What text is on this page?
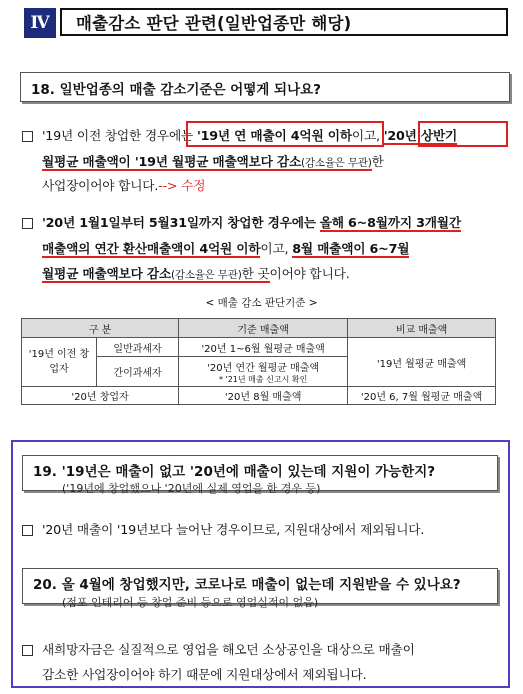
Ⅳ	매출감소 판단 관련(일반업종만 해당)
18. 일반업종의 매출 감소기준은 어떻게 되나요?
'19년 이전 창업한 경우에는 '19년 연 매출이 4억원 이하이고, '20년 상반기
월평균 매출액이 '19년 월평균 매출액보다 감소(감소율은 무관)한
사업장이어야 합니다.--> 수정
'20년 1월1일부터 5월31일까지 창업한 경우에는 올해 6~8월까지 3개월간
매출액의 연간 환산매출액이 4억원 이하이고, 8월 매출액이 6~7월
월평균 매출액보다 감소(감소율은 무관)한 곳이어야 합니다.
< 매출 감소 판단기준 >
구 분		기준 매출액	비교 매출액
'19년 이전 창업자	일반과세자	'20년 1~6월 월평균 매출액	'19년 월평균 매출액
	간이과세자	'20년 연간 월평균 매출액
* '21년 매출 신고시 확인	

'20년 창업자		'20년 8월 매출액	'20년 6, 7월 월평균 매출액
19. '19년은 매출이 없고 '20년에 매출이 있는데 지원이 가능한지?
('19년에 창업했으나 '20년에 실제 영업을 한 경우 등)
'20년 매출이 '19년보다 늘어난 경우이므로, 지원대상에서 제외됩니다.
20. 올 4월에 창업했지만, 코로나로 매출이 없는데 지원받을 수 있나요?
(점포 인테리어 등 창업 준비 등으로 영업실적이 없음)
새희망자금은 실질적으로 영업을 해오던 소상공인을 대상으로 매출이
감소한 사업장이어야 하기 때문에 지원대상에서 제외됩니다.
